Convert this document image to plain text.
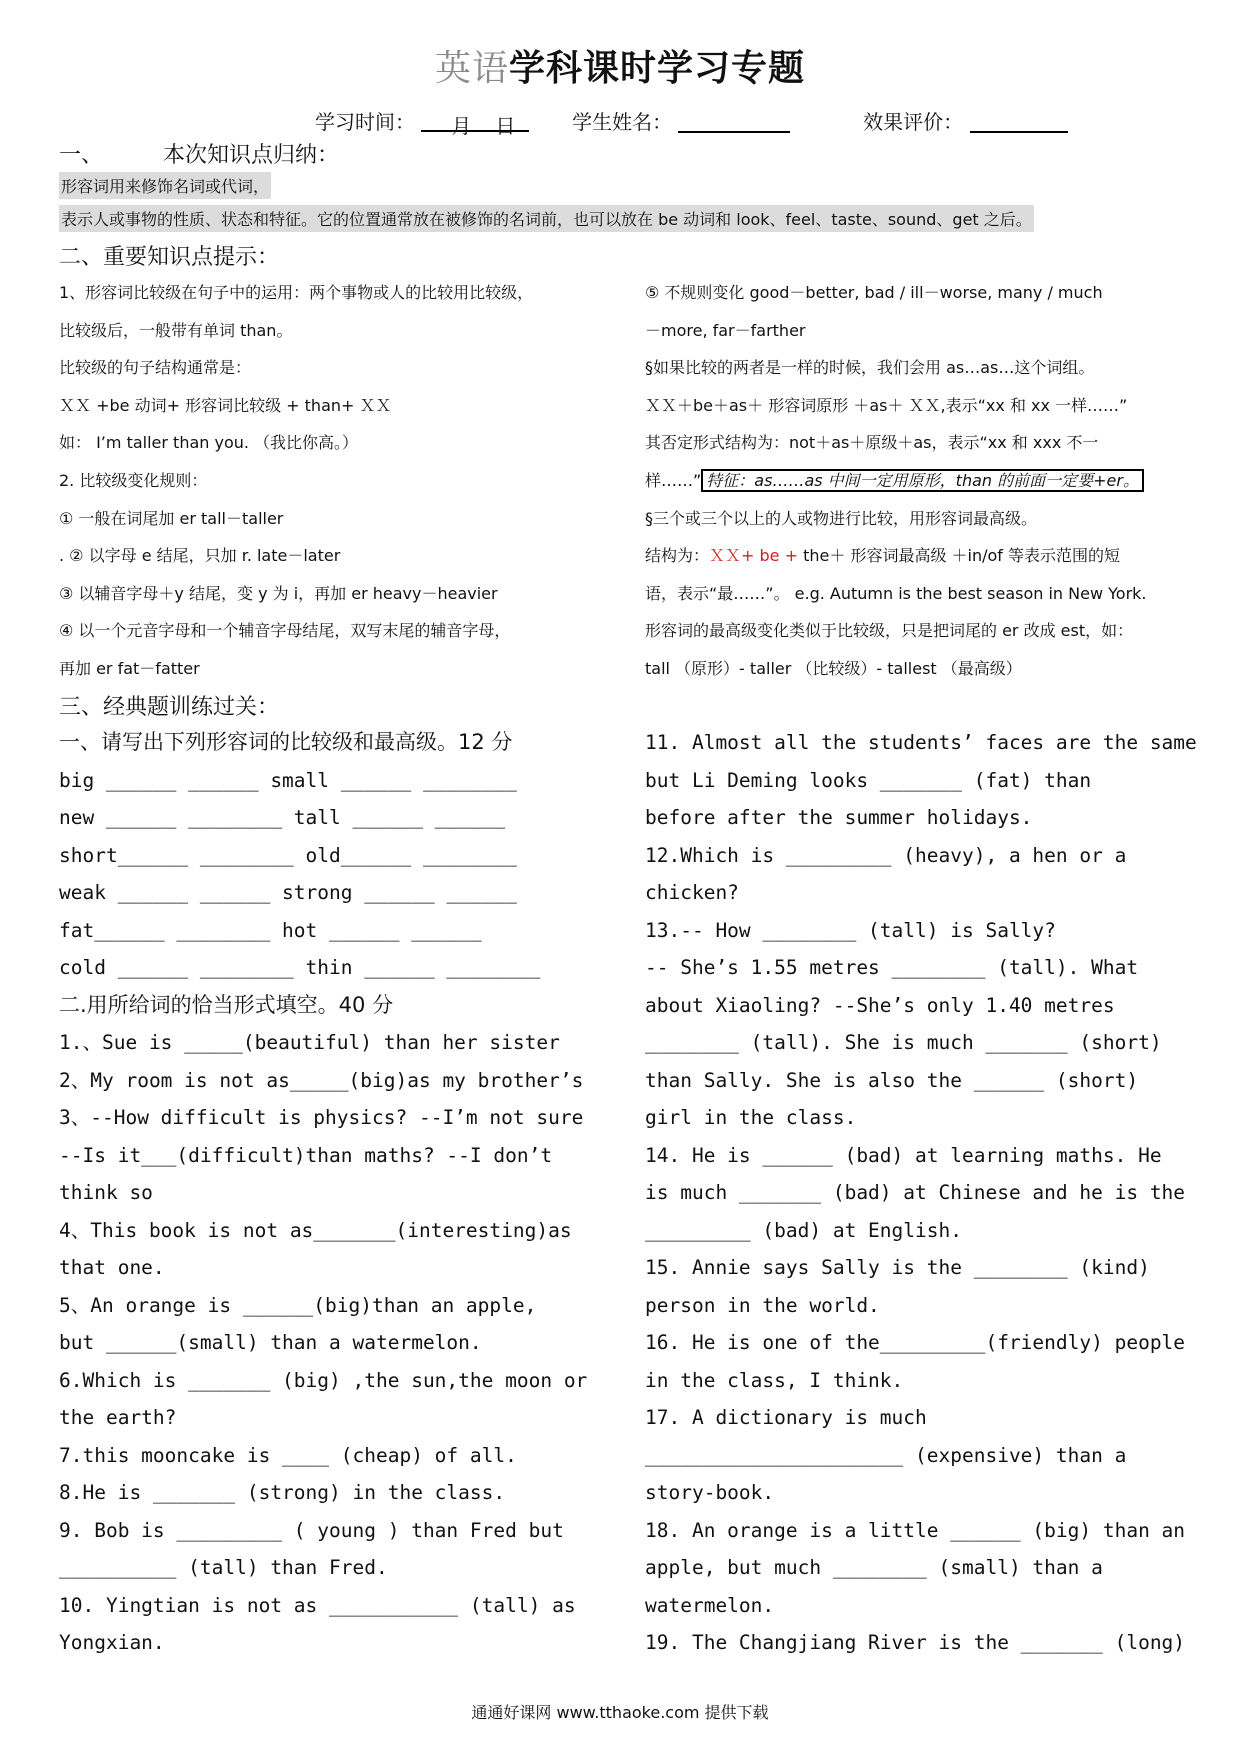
英语学科课时学习专题
学习时间： 月 日	学生姓名：	效果评价：
一、	本次知识点归纳：
形容词用来修饰名词或代词，
表示人或事物的性质、状态和特征。它的位置通常放在被修饰的名词前，也可以放在 be 动词和 look、feel、taste、sound、get 之后。
二、重要知识点提示：

1、形容词比较级在句子中的运用：两个事物或人的比较用比较级，

比较级后，一般带有单词 than。

比较级的句子结构通常是：

ＸＸ +be 动词+ 形容词比较级 + than+ ＸＸ

如： I’m taller than you. （我比你高。）

2. 比较级变化规则：

① 一般在词尾加 er tall－taller

. ② 以字母 e 结尾，只加 r. late－later

③ 以辅音字母＋y 结尾，变 y 为 i，再加 er heavy－heavier

④ 以一个元音字母和一个辅音字母结尾，双写末尾的辅音字母，

再加 er fat－fatter

⑤ 不规则变化 good－better, bad / ill－worse, many / much

－more, far－farther

§如果比较的两者是一样的时候，我们会用 as…as…这个词组。

ＸＸ＋be＋as＋ 形容词原形 ＋as＋ ＸＸ,表示“xx 和 xx 一样……”

其否定形式结构为：not＋as＋原级＋as，表示“xx 和 xxx 不一

样……” 特征：as……as 中间一定用原形，than 的前面一定要+er。

§三个或三个以上的人或物进行比较，用形容词最高级。

结构为：ＸＸ+ be + the＋ 形容词最高级 ＋in/of 等表示范围的短

语，表示“最……”。 e.g. Autumn is the best season in New York.

形容词的最高级变化类似于比较级，只是把词尾的 er 改成 est，如：

tall （原形）- taller （比较级）- tallest （最高级）

三、经典题训练过关：

一、请写出下列形容词的比较级和最高级。12 分

big ______ ______ small ______ ________

new ______ ________ tall ______ ______

short______ ________ old______ ________

weak ______ ______ strong ______ ______

fat______ ________ hot ______ ______

cold ______ ________ thin ______ ________

二.用所给词的恰当形式填空。40 分

1.、Sue is _____(beautiful) than her sister

2、My room is not as_____(big)as my brother’s

3、--How difficult is physics? --I’m not sure

--Is it___(difficult)than maths? --I don’t

think so

4、This book is not as_______(interesting)as

that one.

5、An orange is ______(big)than an apple,

but ______(small) than a watermelon.

6.Which is _______ (big) ,the sun,the moon or

the earth?

7.this mooncake is ____ (cheap) of all.

8.He is _______ (strong) in the class.

9. Bob is _________ ( young ) than Fred but

__________ (tall) than Fred.

10. Yingtian is not as ___________ (tall) as

Yongxian.

11. Almost all the students’ faces are the same

but Li Deming looks _______ (fat) than

before after the summer holidays.

12.Which is _________ (heavy), a hen or a

chicken?

13.-- How ________ (tall) is Sally?

-- She’s 1.55 metres ________ (tall). What

about Xiaoling? --She’s only 1.40 metres

________ (tall). She is much _______ (short)

than Sally. She is also the ______ (short)

girl in the class.

14. He is ______ (bad) at learning maths. He

is much _______ (bad) at Chinese and he is the

_________ (bad) at English.

15. Annie says Sally is the ________ (kind)

person in the world.

16. He is one of the_________(friendly) people

in the class, I think.

17. A dictionary is much

______________________ (expensive) than a

story-book.

18. An orange is a little ______ (big) than an

apple, but much ________ (small) than a

watermelon.

19. The Changjiang River is the _______ (long)

通通好课网 www.tthaoke.com 提供下载
